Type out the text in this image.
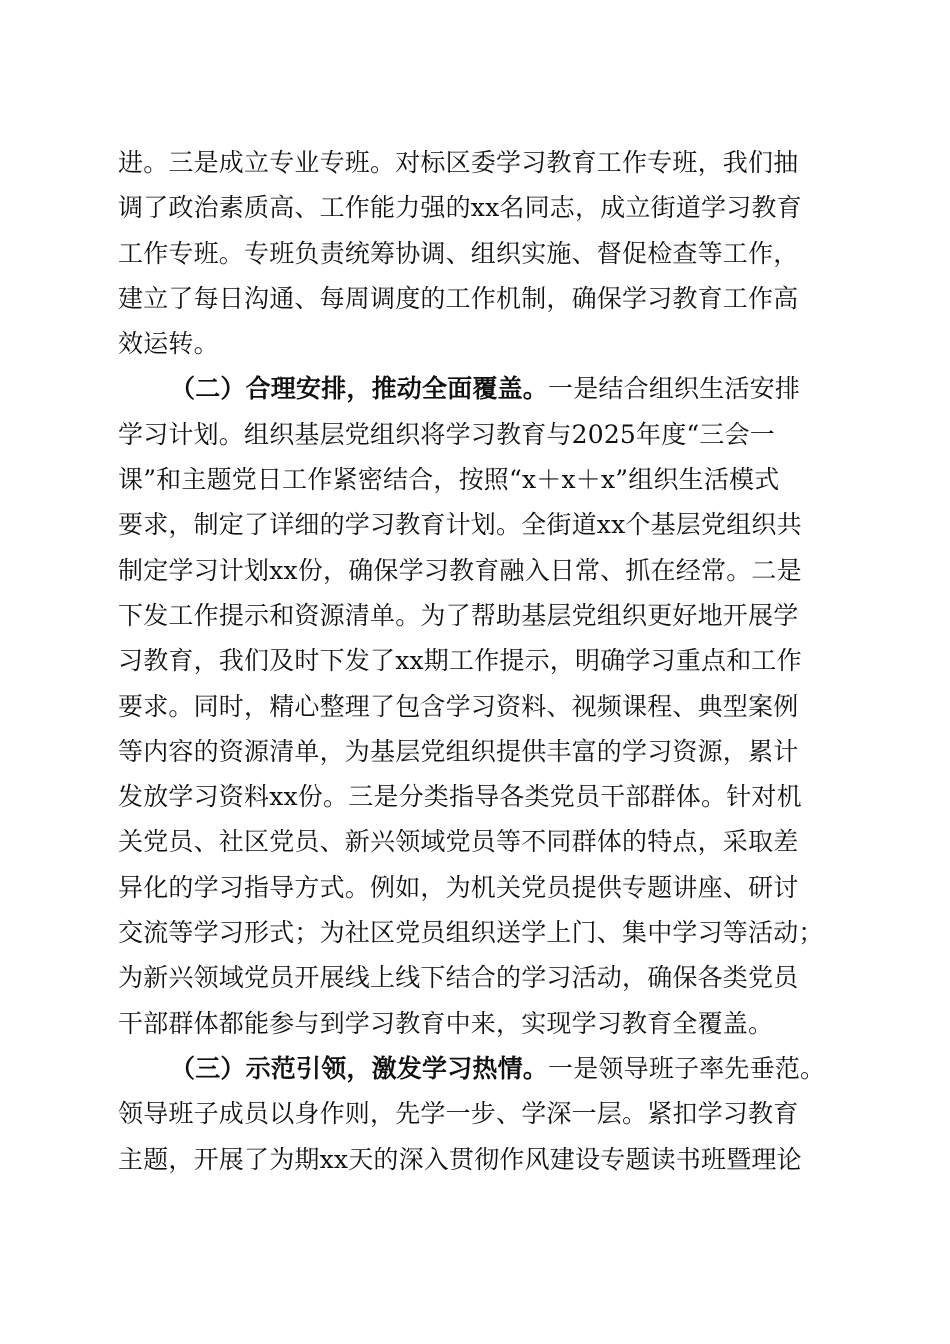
进。三是成立专业专班。对标区委学习教育工作专班，我们抽
调了政治素质高、工作能力强的xx名同志，成立街道学习教育
工作专班。专班负责统筹协调、组织实施、督促检查等工作，
建立了每日沟通、每周调度的工作机制，确保学习教育工作高
效运转。
（二）合理安排，推动全面覆盖。一是结合组织生活安排
学习计划。组织基层党组织将学习教育与2025年度“三会一
课”和主题党日工作紧密结合，按照“x＋x＋x”组织生活模式
要求，制定了详细的学习教育计划。全街道xx个基层党组织共
制定学习计划xx份，确保学习教育融入日常、抓在经常。二是
下发工作提示和资源清单。为了帮助基层党组织更好地开展学
习教育，我们及时下发了xx期工作提示，明确学习重点和工作
要求。同时，精心整理了包含学习资料、视频课程、典型案例
等内容的资源清单，为基层党组织提供丰富的学习资源，累计
发放学习资料xx份。三是分类指导各类党员干部群体。针对机
关党员、社区党员、新兴领域党员等不同群体的特点，采取差
异化的学习指导方式。例如，为机关党员提供专题讲座、研讨
交流等学习形式；为社区党员组织送学上门、集中学习等活动；
为新兴领域党员开展线上线下结合的学习活动，确保各类党员
干部群体都能参与到学习教育中来，实现学习教育全覆盖。
（三）示范引领，激发学习热情。一是领导班子率先垂范。
领导班子成员以身作则，先学一步、学深一层。紧扣学习教育
主题，开展了为期xx天的深入贯彻作风建设专题读书班暨理论
